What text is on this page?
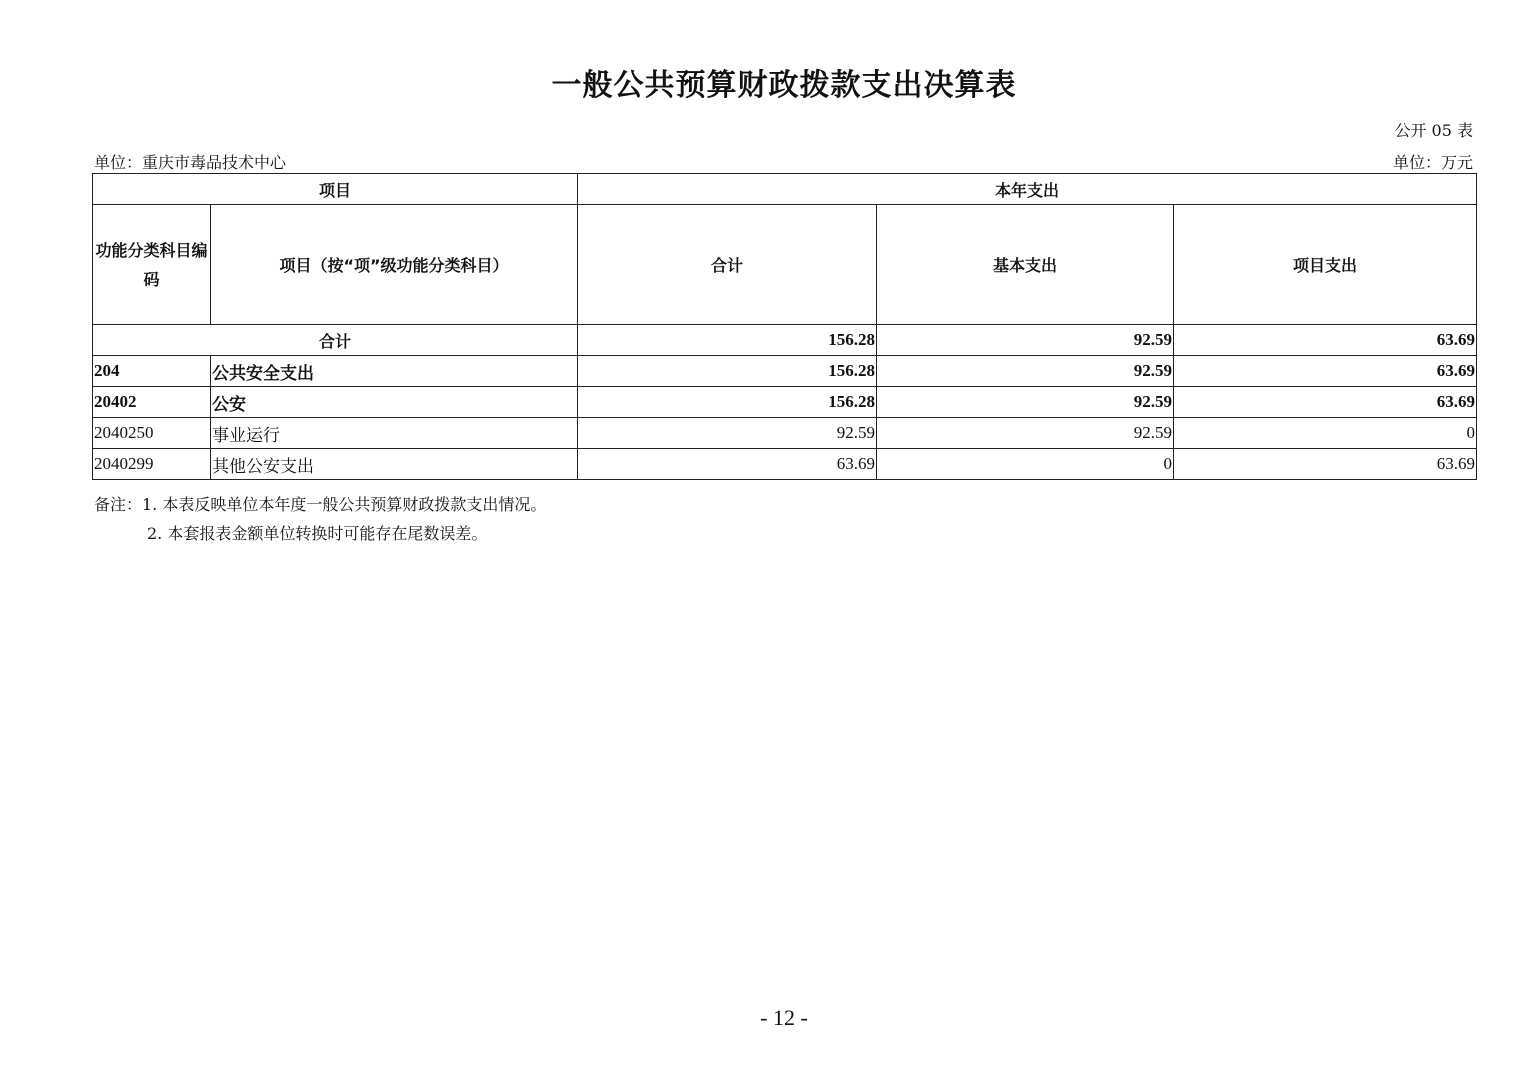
一般公共预算财政拨款支出决算表
公开 05 表
单位：重庆市毒品技术中心	单位：万元
项目		本年支出		
功能分类科目编码	项目（按“项”级功能分类科目）	合计	基本支出	项目支出
合计		156.28	92.59	63.69
204	公共安全支出	156.28	92.59	63.69
20402	公安	156.28	92.59	63.69
2040250	事业运行	92.59	92.59	0
2040299	其他公安支出	63.69	0	63.69
备注：1. 本表反映单位本年度一般公共预算财政拨款支出情况。
2. 本套报表金额单位转换时可能存在尾数误差。
- 12 -
